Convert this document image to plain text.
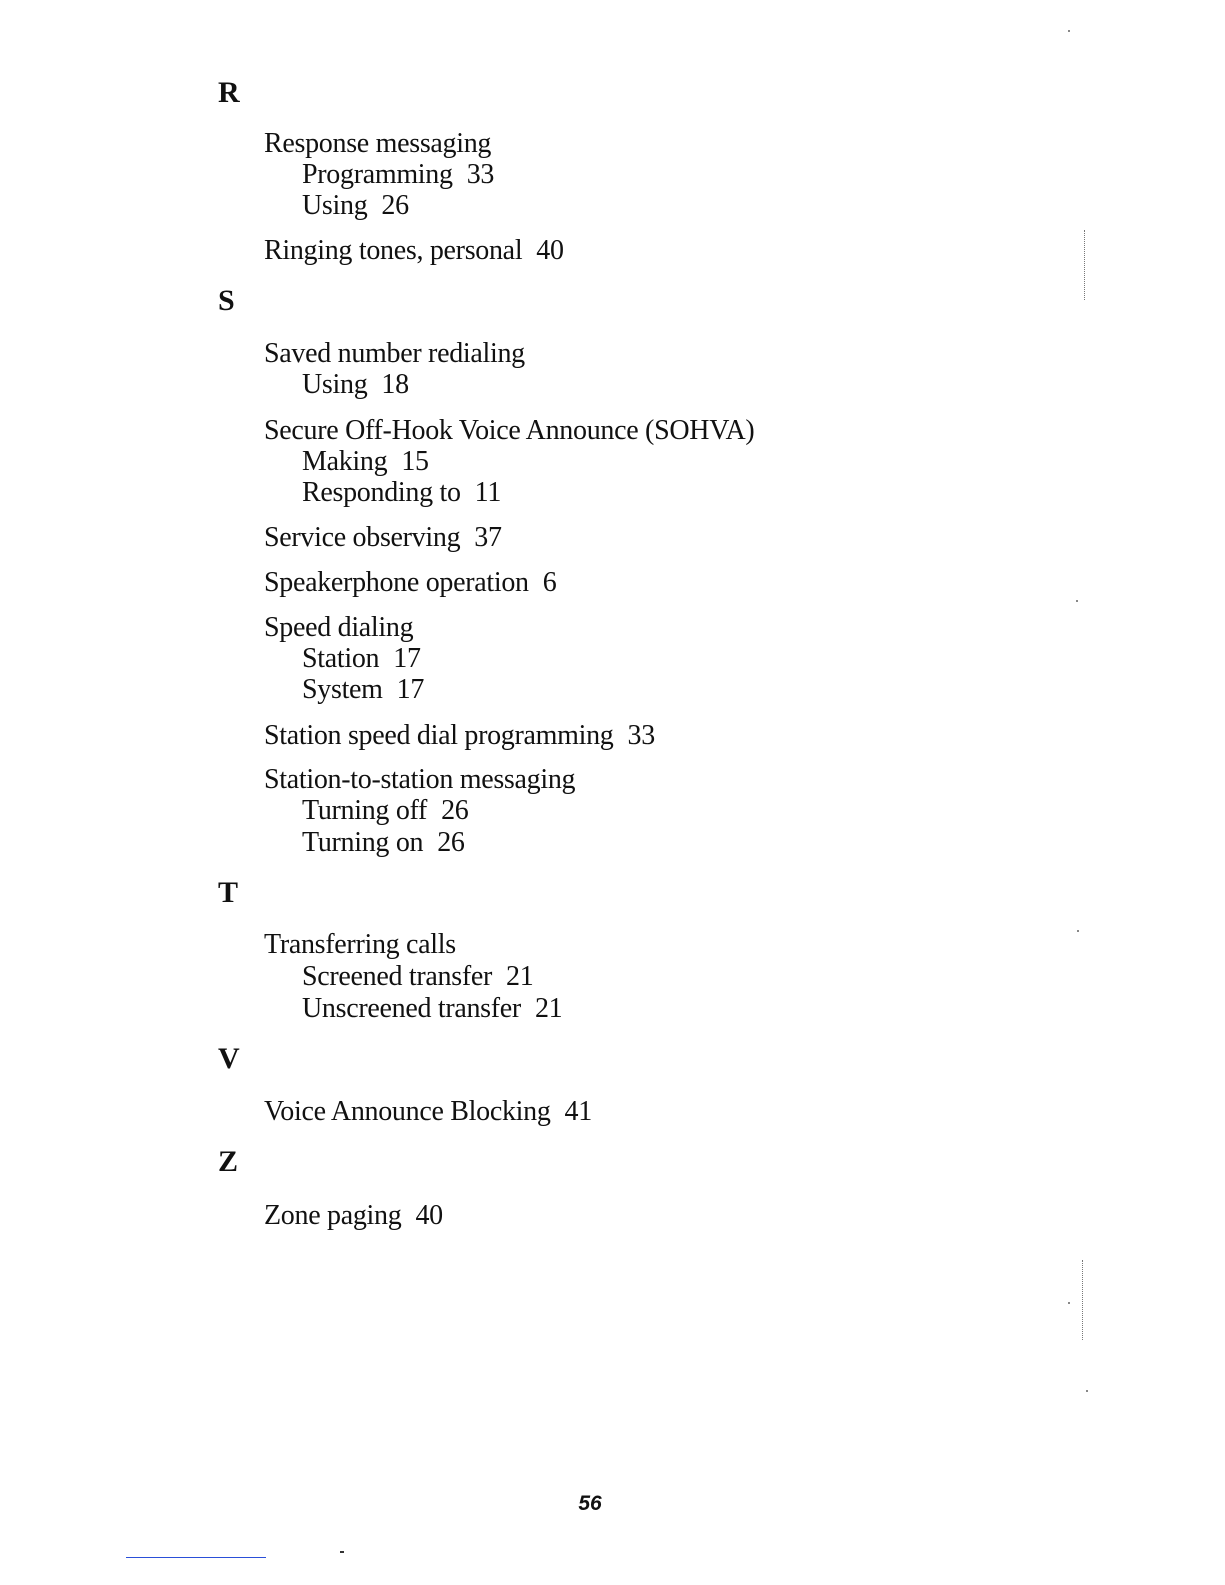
R
Response messaging
Programming 33
Using 26
Ringing tones, personal 40
S
Saved number redialing
Using 18
Secure Off-Hook Voice Announce (SOHVA)
Making 15
Responding to 11
Service observing 37
Speakerphone operation 6
Speed dialing
Station 17
System 17
Station speed dial programming 33
Station-to-station messaging
Turning off 26
Turning on 26
T
Transferring calls
Screened transfer 21
Unscreened transfer 21
V
Voice Announce Blocking 41
Z
Zone paging 40
56
